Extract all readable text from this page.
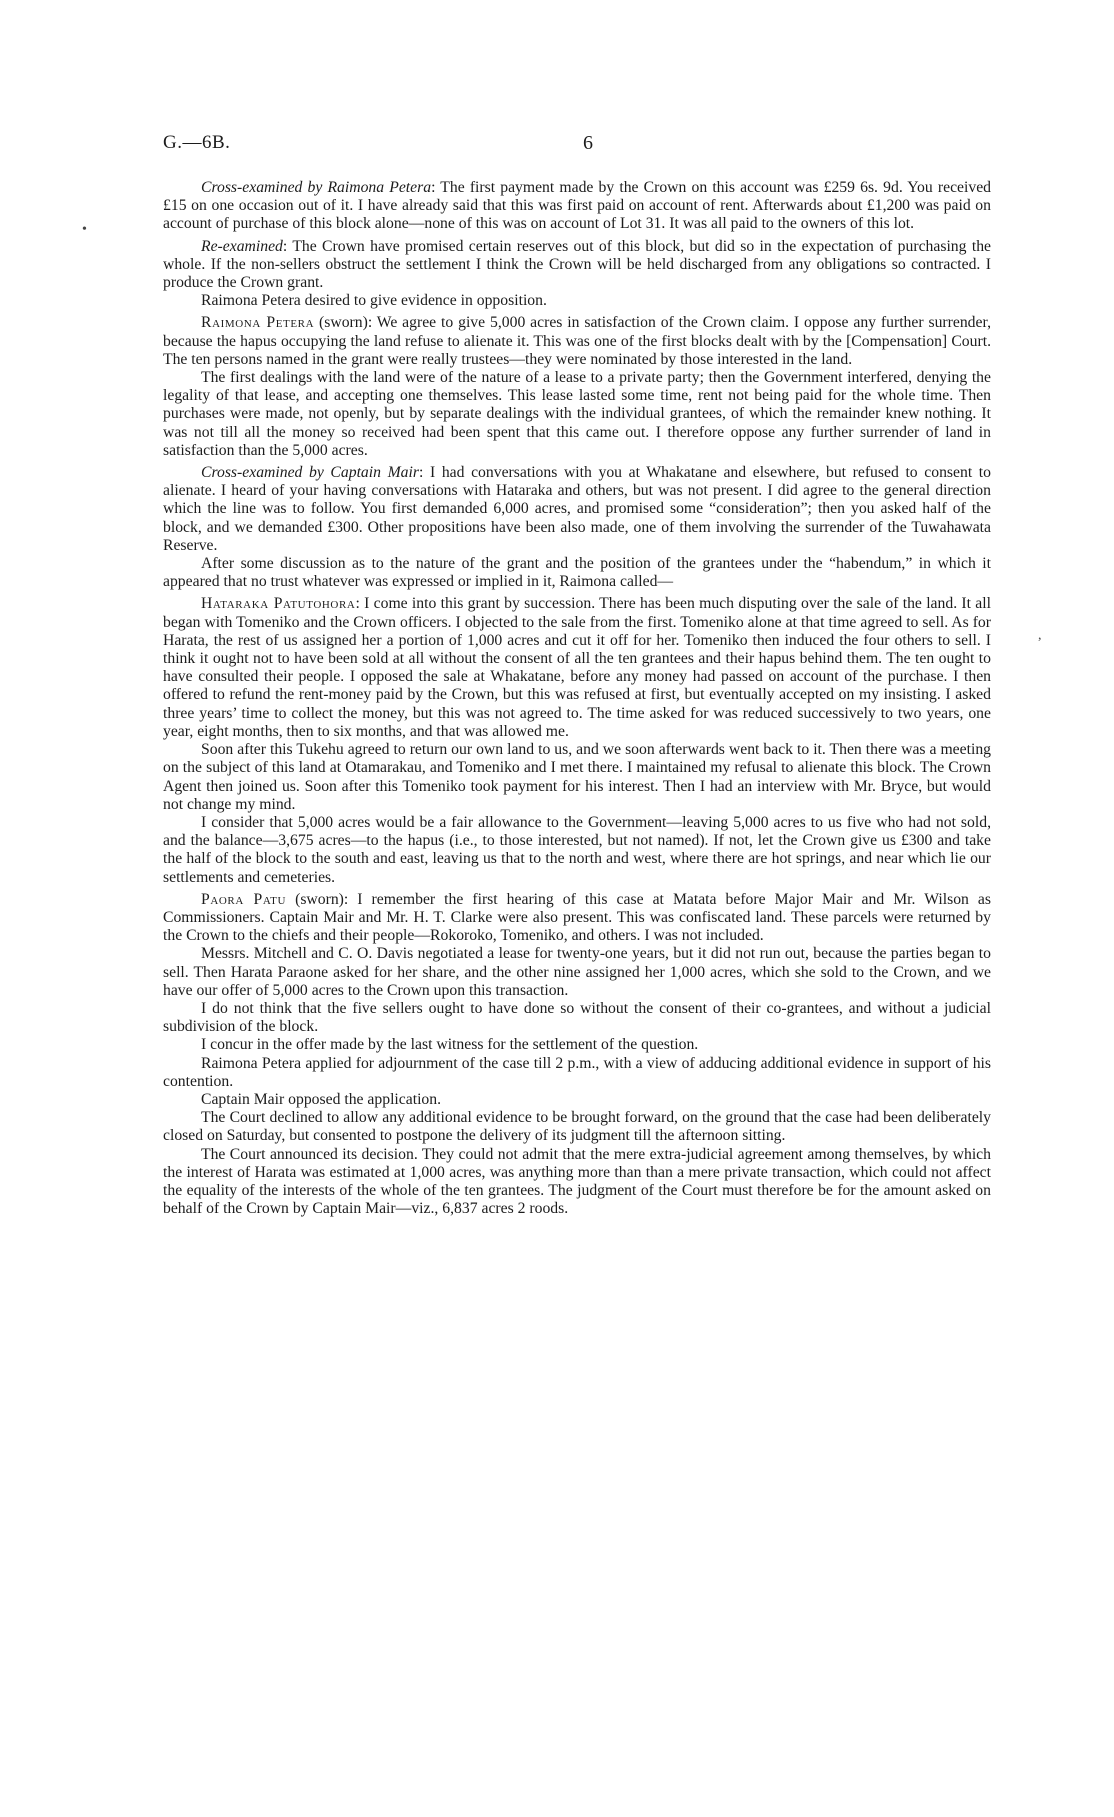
G.—6B.	6
•
,

Cross-examined by Raimona Petera: The first payment made by the Crown on this account was £259 6s. 9d. You received £15 on one occasion out of it. I have already said that this was first paid on account of rent. Afterwards about £1,200 was paid on account of purchase of this block alone—none of this was on account of Lot 31. It was all paid to the owners of this lot.

Re-examined: The Crown have promised certain reserves out of this block, but did so in the expectation of purchasing the whole. If the non-sellers obstruct the settlement I think the Crown will be held discharged from any obligations so contracted. I produce the Crown grant.

Raimona Petera desired to give evidence in opposition.

Raimona Petera (sworn): We agree to give 5,000 acres in satisfaction of the Crown claim. I oppose any further surrender, because the hapus occupying the land refuse to alienate it. This was one of the first blocks dealt with by the [Compensation] Court. The ten persons named in the grant were really trustees—they were nominated by those interested in the land.

The first dealings with the land were of the nature of a lease to a private party; then the Government interfered, denying the legality of that lease, and accepting one themselves. This lease lasted some time, rent not being paid for the whole time. Then purchases were made, not openly, but by separate dealings with the individual grantees, of which the remainder knew nothing. It was not till all the money so received had been spent that this came out. I therefore oppose any further surrender of land in satisfaction than the 5,000 acres.

Cross-examined by Captain Mair: I had conversations with you at Whakatane and elsewhere, but refused to consent to alienate. I heard of your having conversations with Hataraka and others, but was not present. I did agree to the general direction which the line was to follow. You first demanded 6,000 acres, and promised some “consideration”; then you asked half of the block, and we demanded £300. Other propositions have been also made, one of them involving the surrender of the Tuwahawata Reserve.

After some discussion as to the nature of the grant and the position of the grantees under the “habendum,” in which it appeared that no trust whatever was expressed or implied in it, Raimona called—

Hataraka Patutohora: I come into this grant by succession. There has been much disputing over the sale of the land. It all began with Tomeniko and the Crown officers. I objected to the sale from the first. Tomeniko alone at that time agreed to sell. As for Harata, the rest of us assigned her a portion of 1,000 acres and cut it off for her. Tomeniko then induced the four others to sell. I think it ought not to have been sold at all without the consent of all the ten grantees and their hapus behind them. The ten ought to have consulted their people. I opposed the sale at Whakatane, before any money had passed on account of the purchase. I then offered to refund the rent-money paid by the Crown, but this was refused at first, but eventually accepted on my insisting. I asked three years’ time to collect the money, but this was not agreed to. The time asked for was reduced successively to two years, one year, eight months, then to six months, and that was allowed me.

Soon after this Tukehu agreed to return our own land to us, and we soon afterwards went back to it. Then there was a meeting on the subject of this land at Otamarakau, and Tomeniko and I met there. I maintained my refusal to alienate this block. The Crown Agent then joined us. Soon after this Tomeniko took payment for his interest. Then I had an interview with Mr. Bryce, but would not change my mind.

I consider that 5,000 acres would be a fair allowance to the Government—leaving 5,000 acres to us five who had not sold, and the balance—3,675 acres—to the hapus (i.e., to those interested, but not named). If not, let the Crown give us £300 and take the half of the block to the south and east, leaving us that to the north and west, where there are hot springs, and near which lie our settlements and cemeteries.

Paora Patu (sworn): I remember the first hearing of this case at Matata before Major Mair and Mr. Wilson as Commissioners. Captain Mair and Mr. H. T. Clarke were also present. This was confiscated land. These parcels were returned by the Crown to the chiefs and their people—Rokoroko, Tomeniko, and others. I was not included.

Messrs. Mitchell and C. O. Davis negotiated a lease for twenty-one years, but it did not run out, because the parties began to sell. Then Harata Paraone asked for her share, and the other nine assigned her 1,000 acres, which she sold to the Crown, and we have our offer of 5,000 acres to the Crown upon this transaction.

I do not think that the five sellers ought to have done so without the consent of their co-grantees, and without a judicial subdivision of the block.

I concur in the offer made by the last witness for the settlement of the question.

Raimona Petera applied for adjournment of the case till 2 p.m., with a view of adducing additional evidence in support of his contention.

Captain Mair opposed the application.

The Court declined to allow any additional evidence to be brought forward, on the ground that the case had been deliberately closed on Saturday, but consented to postpone the delivery of its judgment till the afternoon sitting.

The Court announced its decision. They could not admit that the mere extra-judicial agreement among themselves, by which the interest of Harata was estimated at 1,000 acres, was anything more than than a mere private transaction, which could not affect the equality of the interests of the whole of the ten grantees. The judgment of the Court must therefore be for the amount asked on behalf of the Crown by Captain Mair—viz., 6,837 acres 2 roods.
